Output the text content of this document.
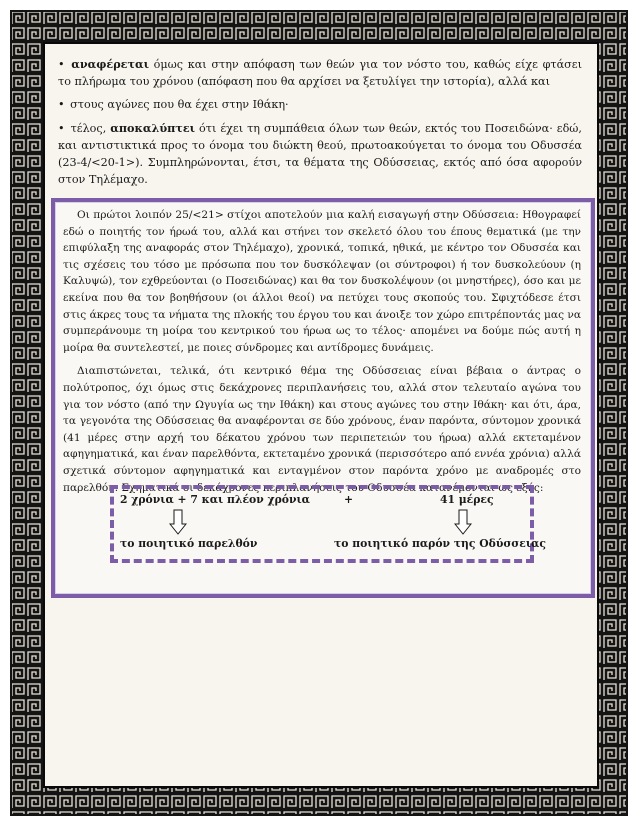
• αναφέρεται όμως και στην απόφαση των θεών για τον νόστο του, καθώς είχε φτάσει το πλήρωμα του χρόνου (απόφαση που θα αρχίσει να ξετυλίγει την ιστορία), αλλά και

• στους αγώνες που θα έχει στην Ιθάκη·

• τέλος, αποκαλύπτει ότι έχει τη συμπάθεια όλων των θεών, εκτός του Ποσειδώνα· εδώ, και αντιστικτικά προς το όνομα του διώκτη θεού, πρωτοακούγεται το όνομα του Οδυσσέα (23-4/<20-1>). Συμπληρώνονται, έτσι, τα θέματα της Οδύσσειας, εκτός από όσα αφορούν στον Τηλέμαχο.

Οι πρώτοι λοιπόν 25/<21> στίχοι αποτελούν μια καλή εισαγωγή στην Οδύσσεια: Ηθογραφεί εδώ ο ποιητής τον ήρωά του, αλλά και στήνει τον σκελετό όλου του έπους θεματικά (με την επιφύλαξη της αναφοράς στον Τηλέμαχο), χρονικά, τοπικά, ηθικά, με κέντρο τον Οδυσσέα και τις σχέσεις του τόσο με πρόσωπα που τον δυσκόλεψαν (οι σύντροφοι) ή τον δυσκολεύουν (η Καλυψώ), τον εχθρεύονται (ο Ποσειδώνας) και θα τον δυσκολέψουν (οι μνηστήρες), όσο και με εκείνα που θα τον βοηθήσουν (οι άλλοι θεοί) να πετύχει τους σκοπούς του. Σφιχτόδεσε έτσι στις άκρες τους τα νήματα της πλοκής του έργου του και άνοιξε τον χώρο επιτρέποντάς μας να συμπεράνουμε τη μοίρα του κεντρικού του ήρωα ως το τέλος· απομένει να δούμε πώς αυτή η μοίρα θα συντελεστεί, με ποιες σύνδρομες και αντίδρομες δυνάμεις.

Διαπιστώνεται, τελικά, ότι κεντρικό θέμα της Οδύσσειας είναι βέβαια ο άντρας ο πολύτροπος, όχι όμως στις δεκάχρονες περιπλανήσεις του, αλλά στον τελευταίο αγώνα του για τον νόστο (από την Ωγυγία ως την Ιθάκη) και στους αγώνες του στην Ιθάκη· και ότι, άρα, τα γεγονότα της Οδύσσειας θα αναφέρονται σε δύο χρόνους, έναν παρόντα, σύντομον χρονικά (41 μέρες στην αρχή του δέκατου χρόνου των περιπετειών του ήρωα) αλλά εκτεταμένον αφηγηματικά, και έναν παρελθόντα, εκτεταμένο χρονικά (περισσότερο από εννέα χρόνια) αλλά σχετικά σύντομον αφηγηματικά και ενταγμένον στον παρόντα χρόνο με αναδρομές στο παρελθόν. Σχηματικά οι δεκάχρονες περιπλανήσεις του Οδυσσέα κατανέμονται ως εξής:

2 χρόνια + 7 και πλέον χρόνια	+	41 μέρες
το ποιητικό παρελθόν	το ποιητικό παρόν της Οδύσσειας
